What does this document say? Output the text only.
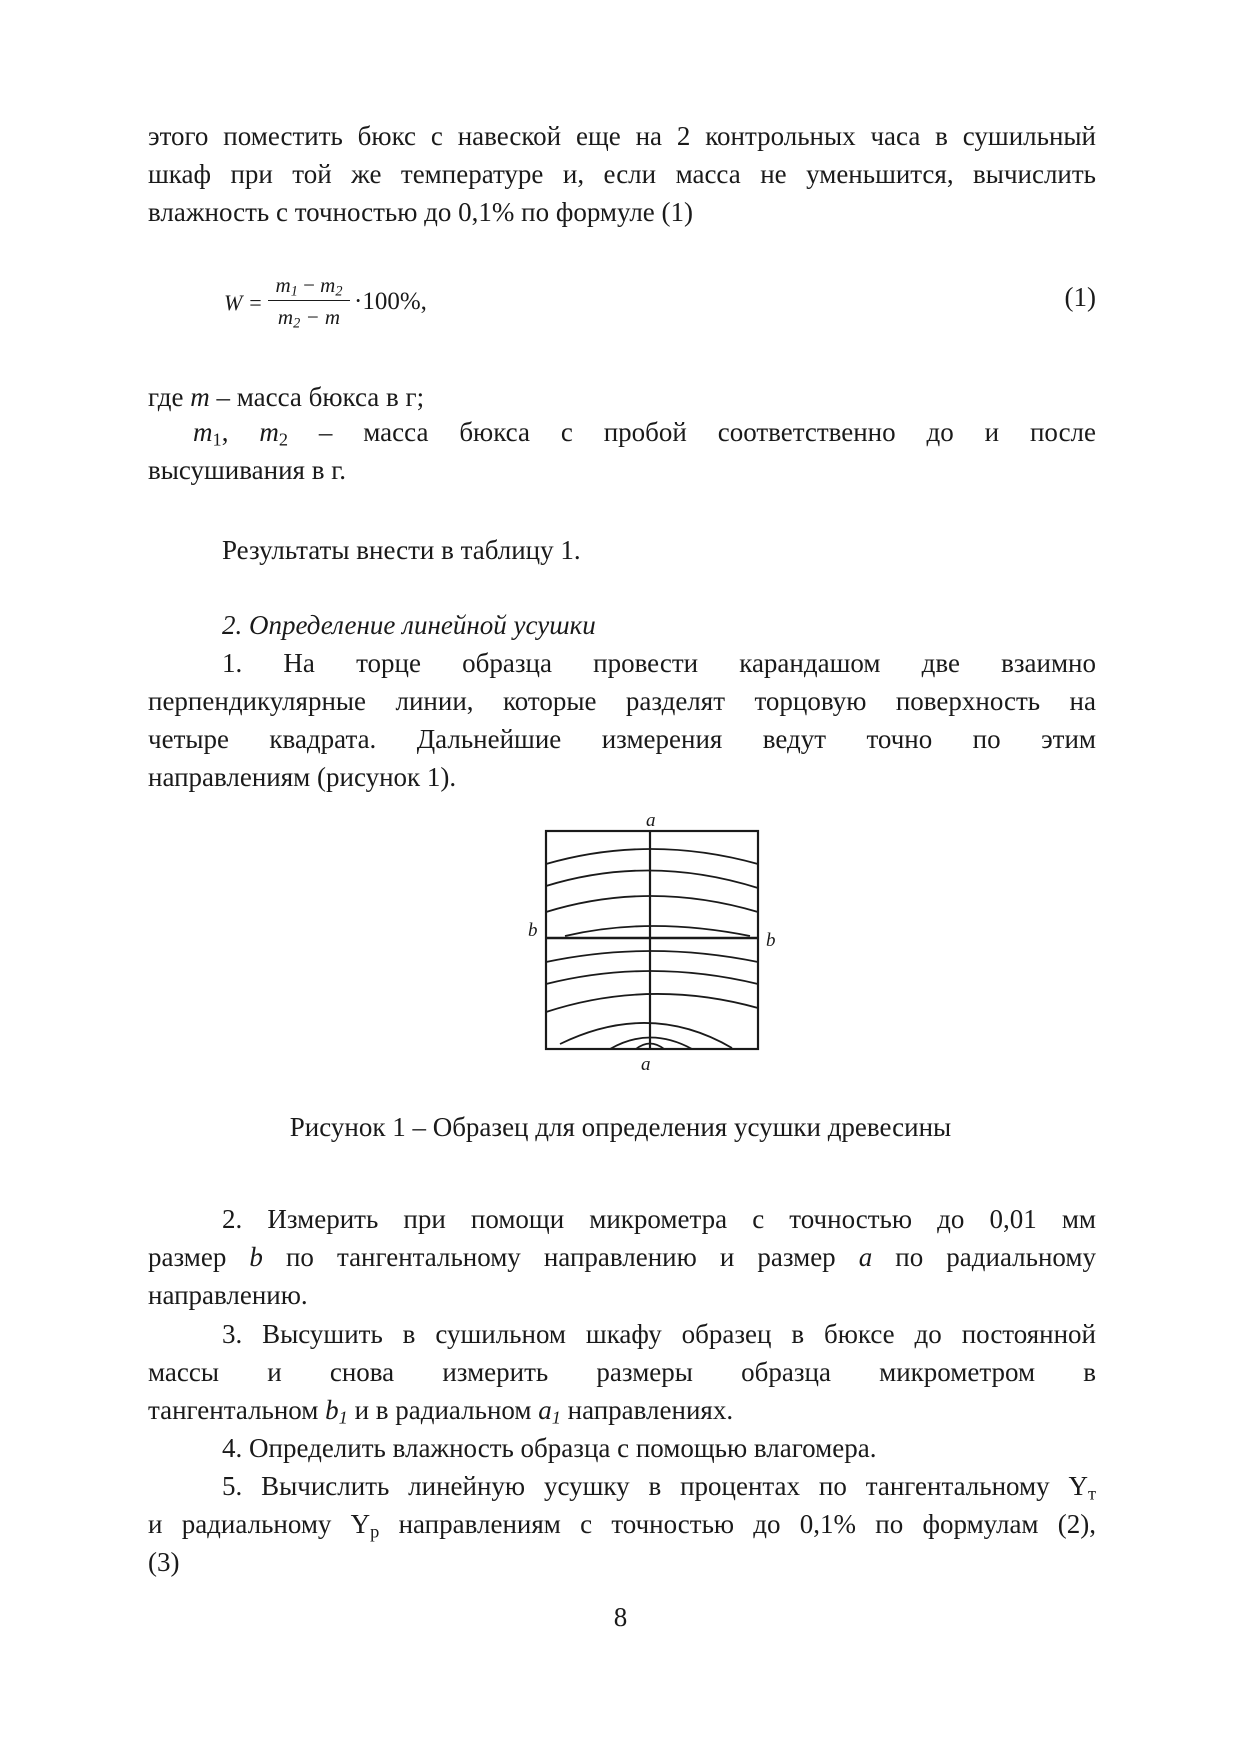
этого поместить бюкс с навеской еще на 2 контрольных часа в сушильный
шкаф при той же температуре и, если масса не уменьшится, вычислить
влажность с точностью до 0,1% по формуле (1)
$W = \frac{m_1 - m_2}{m_2 - m} \cdot 100\%$,	(1)
где m – масса бюкса в г;
$m_1$, $m_2$ – масса бюкса с пробой соответственно до и после
высушивания в г.
Результаты внести в таблицу 1.
2. Определение линейной усушки
1. На торце образца провести карандашом две взаимно
перпендикулярные линии, которые разделят торцовую поверхность на
четыре квадрата. Дальнейшие измерения ведут точно по этим
направлениям (рисунок 1).
a
a
b	b
Рисунок 1 – Образец для определения усушки древесины
2. Измерить при помощи микрометра с точностью до 0,01 мм
размер b по тангентальному направлению и размер a по радиальному
направлению.
3. Высушить в сушильном шкафу образец в бюксе до постоянной
массы и снова измерить размеры образца микрометром в
тангентальном $b_1$ и в радиальном $a_1$ направлениях.
4. Определить влажность образца с помощью влагомера.
5. Вычислить линейную усушку в процентах по тангентальному $Y_т$
и радиальному $Y_р$ направлениям с точностью до 0,1% по формулам (2),
(3)
8
